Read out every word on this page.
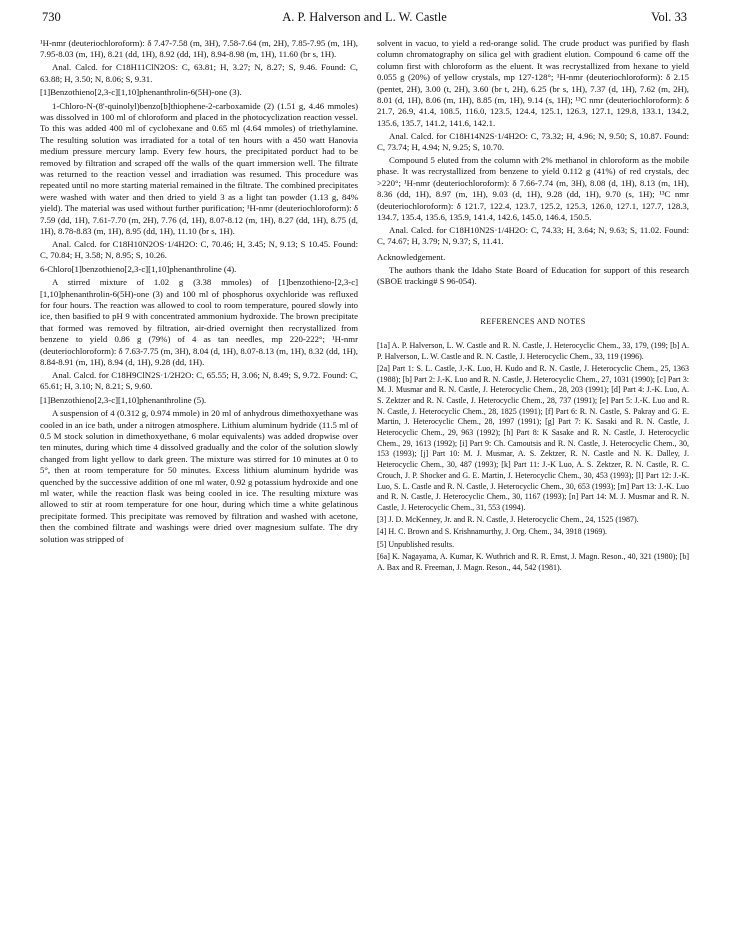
730	A. P. Halverson and L. W. Castle	Vol. 33

¹H-nmr (deuteriochloroform): δ 7.47-7.58 (m, 3H), 7.58-7.64 (m, 2H), 7.85-7.95 (m, 1H), 7.95-8.03 (m, 1H), 8.21 (dd, 1H), 8.92 (dd, 1H), 8.94-8.98 (m, 1H), 11.60 (br s, 1H).

Anal. Calcd. for C18H11ClN2OS: C, 63.81; H, 3.27; N, 8.27; S, 9.46. Found: C, 63.88; H, 3.50; N, 8.06; S, 9.31.

[1]Benzothieno[2,3-c][1,10]phenanthrolin-6(5H)-one (3).

1-Chloro-N-(8'-quinolyl)benzo[b]thiophene-2-carboxamide (2) (1.51 g, 4.46 mmoles) was dissolved in 100 ml of chloroform and placed in the photocyclization reaction vessel. To this was added 400 ml of cyclohexane and 0.65 ml (4.64 mmoles) of triethylamine. The resulting solution was irradiated for a total of ten hours with a 450 watt Hanovia medium pressure mercury lamp. Every few hours, the precipitated porduct had to be removed by filtration and scraped off the walls of the quart immersion well. The filtrate was returned to the reaction vessel and irradiation was resumed. This procedure was repeated until no more starting material remained in the filtrate. The combined precipitates were washed with water and then dried to yield 3 as a light tan powder (1.13 g, 84% yield). The material was used without further purification; ¹H-nmr (deuteriochloroform): δ 7.59 (dd, 1H), 7.61-7.70 (m, 2H), 7.76 (d, 1H), 8.07-8.12 (m, 1H), 8.27 (dd, 1H), 8.75 (d, 1H), 8.78-8.83 (m, 1H), 8.95 (dd, 1H), 11.10 (br s, 1H).

Anal. Calcd. for C18H10N2OS·1/4H2O: C, 70.46; H, 3.45; N, 9.13; S 10.45. Found: C, 70.84; H, 3.58; N, 8.95; S, 10.26.

6-Chloro[1]benzothieno[2,3-c][1,10]phenanthroline (4).

A stirred mixture of 1.02 g (3.38 mmoles) of [1]benzothieno-[2,3-c][1,10]phenanthrolin-6(5H)-one (3) and 100 ml of phosphorus oxychloride was refluxed for four hours. The reaction was allowed to cool to room temperature, poured slowly into ice, then basified to pH 9 with concentrated ammonium hydroxide. The brown precipitate that formed was removed by filtration, air-dried overnight then recrystallized from benzene to yield 0.86 g (79%) of 4 as tan needles, mp 220-222°; ¹H-nmr (deuteriochloroform): δ 7.63-7.75 (m, 3H), 8.04 (d, 1H), 8.07-8.13 (m, 1H), 8.32 (dd, 1H), 8.84-8.91 (m, 1H), 8.94 (d, 1H), 9.28 (dd, 1H).

Anal. Calcd. for C18H9ClN2S·1/2H2O: C, 65.55; H, 3.06; N, 8.49; S, 9.72. Found: C, 65.61; H, 3.10; N, 8.21; S, 9.60.

[1]Benzothieno[2,3-c][1,10]phenanthroline (5).

A suspension of 4 (0.312 g, 0.974 mmole) in 20 ml of anhydrous dimethoxyethane was cooled in an ice bath, under a nitrogen atmosphere. Lithium aluminum hydride (11.5 ml of 0.5 M stock solution in dimethoxyethane, 6 molar equivalents) was added dropwise over ten minutes, during which time 4 dissolved gradually and the color of the solution slowly changed from light yellow to dark green. The mixture was stirred for 10 minutes at 0 to 5°, then at room temperature for 50 minutes. Excess lithium aluminum hydride was quenched by the successive addition of one ml water, 0.92 g potassium hydroxide and one ml water, while the reaction flask was being cooled in ice. The resulting mixture was allowed to stir at room temperature for one hour, during which time a white gelatinous precipitate formed. This precipitate was removed by filtration and washed with acetone, then the combined filtrate and washings were dried over magnesium sulfate. The dry solution was stripped of

solvent in vacuo, to yield a red-orange solid. The crude product was purified by flash column chromatography on silica gel with gradient elution. Compound 6 came off the column first with chloroform as the eluent. It was recrystallized from hexane to yield 0.055 g (20%) of yellow crystals, mp 127-128°; ¹H-nmr (deuteriochloroform): δ 2.15 (pentet, 2H), 3.00 (t, 2H), 3.60 (br t, 2H), 6.25 (br s, 1H), 7.37 (d, 1H), 7.62 (m, 2H), 8.01 (d, 1H), 8.06 (m, 1H), 8.85 (m, 1H), 9.14 (s, 1H); ¹³C nmr (deuteriochloroform): δ 21.7, 26.9, 41.4, 108.5, 116.0, 123.5, 124.4, 125.1, 126.3, 127.1, 129.8, 133.1, 134.2, 135.6, 135.7, 141.2, 141.6, 142.1.

Anal. Calcd. for C18H14N2S·1/4H2O: C, 73.32; H, 4.96; N, 9.50; S, 10.87. Found: C, 73.74; H, 4.94; N, 9.25; S, 10.70.

Compound 5 eluted from the column with 2% methanol in chloroform as the mobile phase. It was recrystallized from benzene to yield 0.112 g (41%) of red crystals, dec >220°; ¹H-nmr (deuteriochloroform): δ 7.66-7.74 (m, 3H), 8.08 (d, 1H), 8.13 (m, 1H), 8.36 (dd, 1H), 8.97 (m, 1H), 9.03 (d, 1H), 9.28 (dd, 1H), 9.70 (s, 1H); ¹³C nmr (deuteriochloroform): δ 121.7, 122.4, 123.7, 125.2, 125.3, 126.0, 127.1, 127.7, 128.3, 134.7, 135.4, 135.6, 135.9, 141.4, 142.6, 145.0, 146.4, 150.5.

Anal. Calcd. for C18H10N2S·1/4H2O: C, 74.33; H, 3.64; N, 9.63; S, 11.02. Found: C, 74.67; H, 3.79; N, 9.37; S, 11.41.

Acknowledgement.

The authors thank the Idaho State Board of Education for support of this research (SBOE tracking# S 96-054).

REFERENCES AND NOTES

[1a] A. P. Halverson, L. W. Castle and R. N. Castle, J. Heterocyclic Chem., 33, 179, (199; [b] A. P. Halverson, L. W. Castle and R. N. Castle, J. Heterocyclic Chem., 33, 119 (1996).

[2a] Part 1: S. L. Castle, J.-K. Luo, H. Kudo and R. N. Castle, J. Heterocyclic Chem., 25, 1363 (1988); [b] Part 2: J.-K. Luo and R. N. Castle, J. Heterocyclic Chem., 27, 1031 (1990); [c] Part 3: M. J. Musmar and R. N. Castle, J. Heterocyclic Chem., 28, 203 (1991); [d] Part 4: J.-K. Luo, A. S. Zektzer and R. N. Castle, J. Heterocyclic Chem., 28, 737 (1991); [e] Part 5: J.-K. Luo and R. N. Castle, J. Heterocyclic Chem., 28, 1825 (1991); [f] Part 6: R. N. Castle, S. Pakray and G. E. Martin, J. Heterocyclic Chem., 28, 1997 (1991); [g] Part 7: K. Sasaki and R. N. Castle, J. Heterocyclic Chem., 29, 963 (1992); [h] Part 8: K Sasake and R. N. Castle, J. Heterocyclic Chem., 29, 1613 (1992); [i] Part 9: Ch. Camoutsis and R. N. Castle, J. Heterocyclic Chem., 30, 153 (1993); [j] Part 10: M. J. Musmar, A. S. Zektzer, R. N. Castle and N. K. Dalley, J. Heterocyclic Chem., 30, 487 (1993); [k] Part 11: J.-K Luo, A. S. Zektzer, R. N. Castle, R. C. Crouch, J. P. Shocker and G. E. Martin, J. Heterocyclic Chem., 30, 453 (1993); [l] Part 12: J.-K. Luo, S. L. Castle and R. N. Castle, J. Heterocyclic Chem., 30, 653 (1993); [m] Part 13: J.-K. Luo and R. N. Castle, J. Heterocyclic Chem., 30, 1167 (1993); [n] Part 14: M. J. Musmar and R. N. Castle, J. Heterocyclic Chem., 31, 553 (1994).

[3] J. D. McKenney, Jr. and R. N. Castle, J. Heterocyclic Chem., 24, 1525 (1987).

[4] H. C. Brown and S. Krishnamurthy, J. Org. Chem., 34, 3918 (1969).

[5] Unpublished results.

[6a] K. Nagayama, A. Kumar, K. Wuthrich and R. R. Ernst, J. Magn. Reson., 40, 321 (1980); [b] A. Bax and R. Freeman, J. Magn. Reson., 44, 542 (1981).
